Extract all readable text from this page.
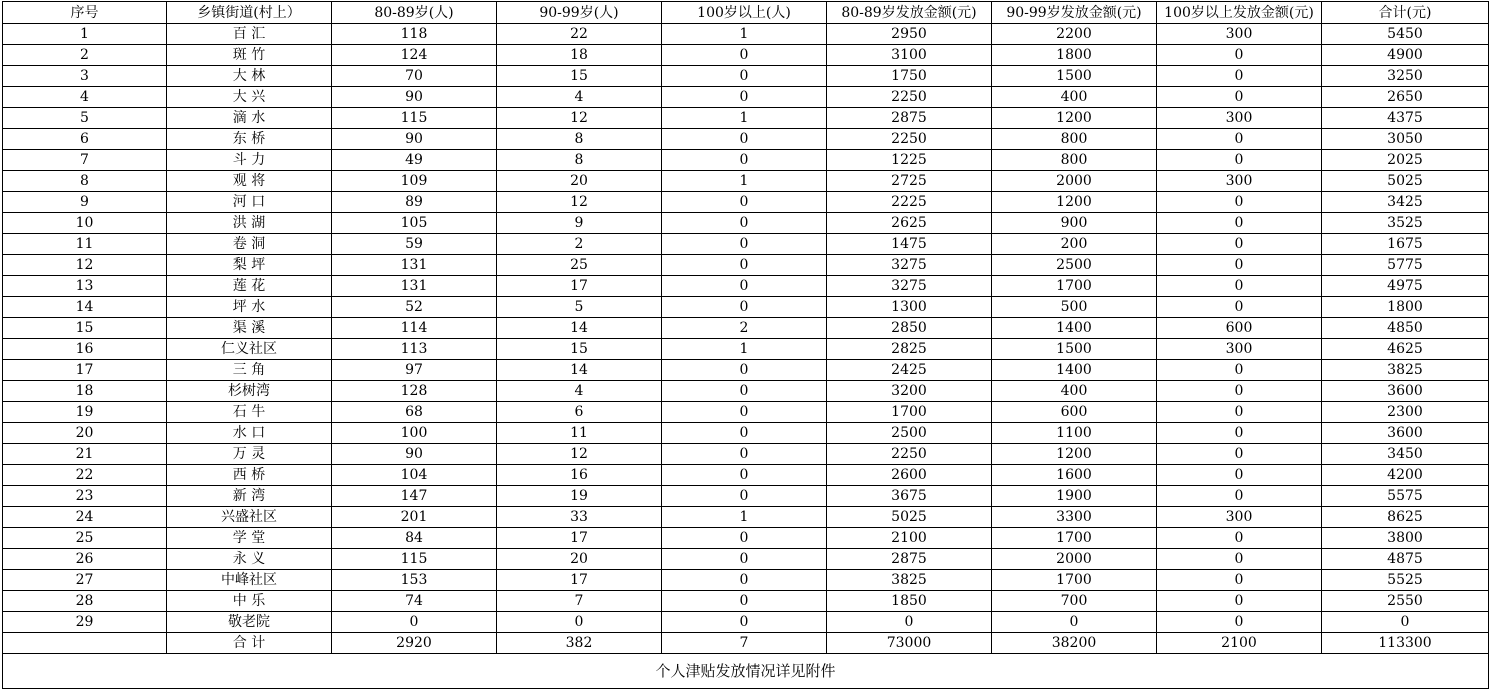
序号	乡镇街道(村上）	80-89岁(人)	90-99岁(人)	100岁以上(人)	80-89岁发放金额(元)	90-99岁发放金额(元)	100岁以上发放金额(元)	合计(元)
1	百 汇	118	22	1	2950	2200	300	5450
2	斑 竹	124	18	0	3100	1800	0	4900
3	大 林	70	15	0	1750	1500	0	3250
4	大 兴	90	4	0	2250	400	0	2650
5	滴 水	115	12	1	2875	1200	300	4375
6	东 桥	90	8	0	2250	800	0	3050
7	斗 力	49	8	0	1225	800	0	2025
8	观 将	109	20	1	2725	2000	300	5025
9	河 口	89	12	0	2225	1200	0	3425
10	洪 湖	105	9	0	2625	900	0	3525
11	卷 洞	59	2	0	1475	200	0	1675
12	梨 坪	131	25	0	3275	2500	0	5775
13	莲 花	131	17	0	3275	1700	0	4975
14	坪 水	52	5	0	1300	500	0	1800
15	渠 溪	114	14	2	2850	1400	600	4850
16	仁义社区	113	15	1	2825	1500	300	4625
17	三 角	97	14	0	2425	1400	0	3825
18	杉树湾	128	4	0	3200	400	0	3600
19	石 牛	68	6	0	1700	600	0	2300
20	水 口	100	11	0	2500	1100	0	3600
21	万 灵	90	12	0	2250	1200	0	3450
22	西 桥	104	16	0	2600	1600	0	4200
23	新 湾	147	19	0	3675	1900	0	5575
24	兴盛社区	201	33	1	5025	3300	300	8625
25	学 堂	84	17	0	2100	1700	0	3800
26	永 义	115	20	0	2875	2000	0	4875
27	中峰社区	153	17	0	3825	1700	0	5525
28	中 乐	74	7	0	1850	700	0	2550
29	敬老院	0	0	0	0	0	0	0
	合 计	2920	382	7	73000	38200	2100	113300
个人津贴发放情况详见附件								
